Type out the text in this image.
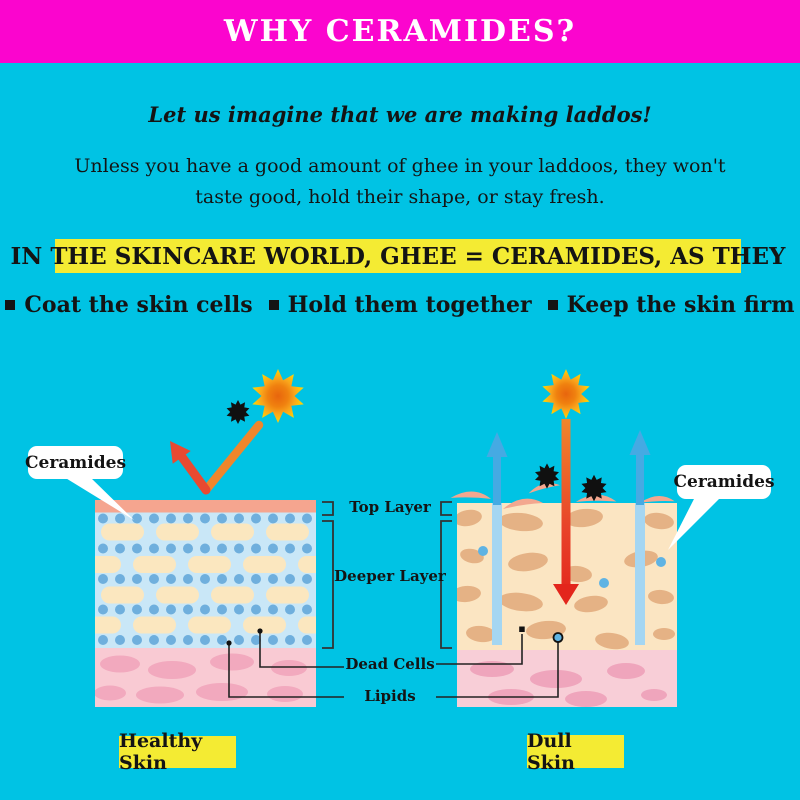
WHY CERAMIDES?
Let us imagine that we are making laddos!
Unless you have a good amount of ghee in your laddoos, they won't
taste good, hold their shape, or stay fresh.
IN THE SKINCARE WORLD, GHEE = CERAMIDES, AS THEY
Coat the skin cells Hold them together Keep the skin firm
Ceramides
Ceramides
Top Layer
Deeper Layer
Dead Cells
Lipids
Healthy Skin
Dull Skin
